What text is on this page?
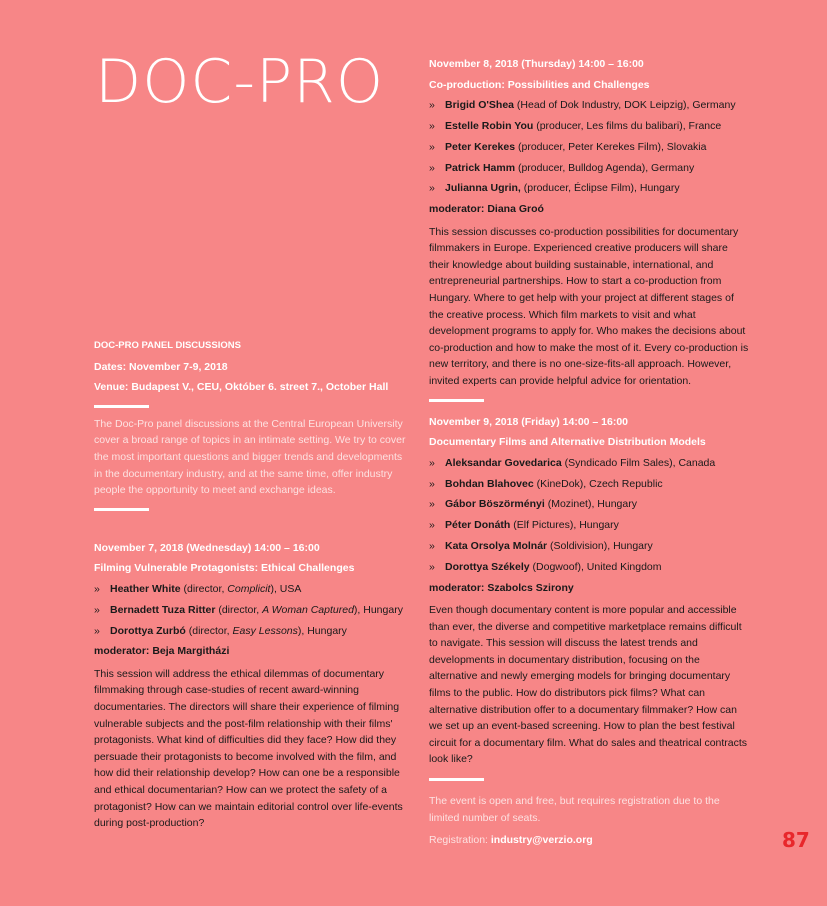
DOC-PRO
DOC-PRO PANEL DISCUSSIONS
Dates: November 7-9, 2018
Venue: Budapest V., CEU, Október 6. street 7., October Hall
The Doc-Pro panel discussions at the Central European University cover a broad range of topics in an intimate setting. We try to cover the most important questions and bigger trends and developments in the documentary industry, and at the same time, offer industry people the opportunity to meet and exchange ideas.
November 7, 2018 (Wednesday) 14:00 – 16:00
Filming Vulnerable Protagonists: Ethical Challenges
» Heather White (director, Complicit), USA
» Bernadett Tuza Ritter (director, A Woman Captured), Hungary
» Dorottya Zurbó (director, Easy Lessons), Hungary
moderator: Beja Margitházi
This session will address the ethical dilemmas of documentary filmmaking through case-studies of recent award-winning documentaries. The directors will share their experience of filming vulnerable subjects and the post-film relationship with their films' protagonists. What kind of difficulties did they face? How did they persuade their protagonists to become involved with the film, and how did their relationship develop? How can one be a responsible and ethical documentarian? How can we protect the safety of a protagonist? How can we maintain editorial control over life-events during post-production?
November 8, 2018 (Thursday) 14:00 – 16:00
Co-production: Possibilities and Challenges
» Brigid O'Shea (Head of Dok Industry, DOK Leipzig), Germany
» Estelle Robin You (producer, Les films du balibari), France
» Peter Kerekes (producer, Peter Kerekes Film), Slovakia
» Patrick Hamm (producer, Bulldog Agenda), Germany
» Julianna Ugrin, (producer, Éclipse Film), Hungary
moderator: Diana Groó
This session discusses co-production possibilities for documentary filmmakers in Europe. Experienced creative producers will share their knowledge about building sustainable, international, and entrepreneurial partnerships. How to start a co-production from Hungary. Where to get help with your project at different stages of the creative process. Which film markets to visit and what development programs to apply for. Who makes the decisions about co-production and how to make the most of it. Every co-production is new territory, and there is no one-size-fits-all approach. However, invited experts can provide helpful advice for orientation.
November 9, 2018 (Friday) 14:00 – 16:00
Documentary Films and Alternative Distribution Models
» Aleksandar Govedarica (Syndicado Film Sales), Canada
» Bohdan Blahovec (KineDok), Czech Republic
» Gábor Böszörményi (Mozinet), Hungary
» Péter Donáth (Elf Pictures), Hungary
» Kata Orsolya Molnár (Soldivision), Hungary
» Dorottya Székely (Dogwoof), United Kingdom
moderator: Szabolcs Szirony
Even though documentary content is more popular and accessible than ever, the diverse and competitive marketplace remains difficult to navigate. This session will discuss the latest trends and developments in documentary distribution, focusing on the alternative and newly emerging models for bringing documentary films to the public. How do distributors pick films? What can alternative distribution offer to a documentary filmmaker? How can we set up an event-based screening. How to plan the best festival circuit for a documentary film. What do sales and theatrical contracts look like?
The event is open and free, but requires registration due to the limited number of seats.
Registration: industry@verzio.org	87
